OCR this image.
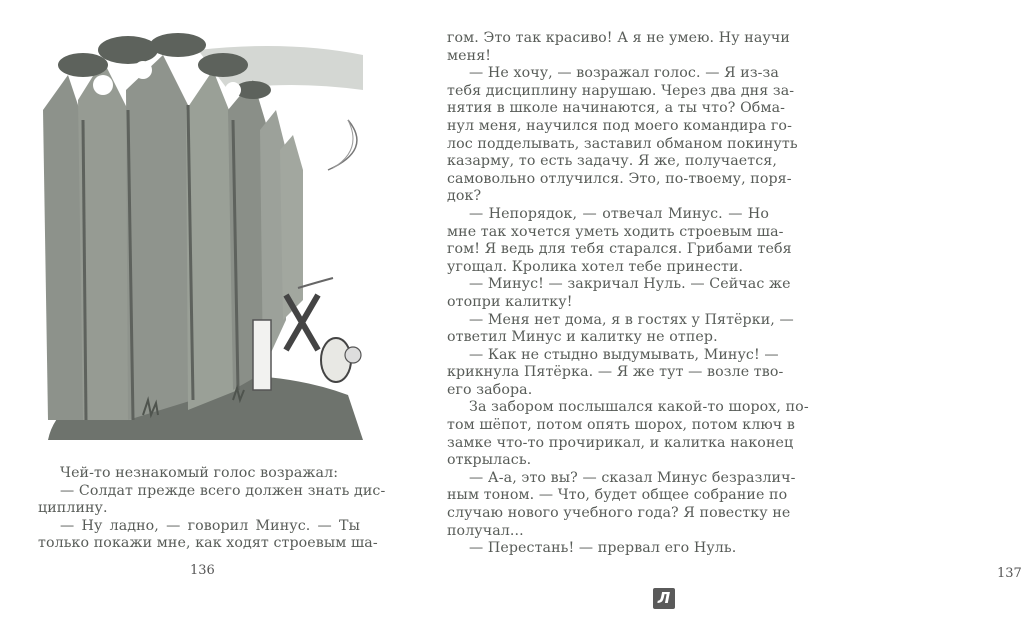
Чей-то незнакомый голос возражал:
— Солдат прежде всего должен знать дис-
циплину.
— Ну ладно, — говорил Минус. — Ты
только покажи мне, как ходят строевым ша-
136
гом. Это так красиво! А я не умею. Ну научи
меня!
— Не хочу, — возражал голос. — Я из-за
тебя дисциплину нарушаю. Через два дня за-
нятия в школе начинаются, а ты что? Обма-
нул меня, научился под моего командира го-
лос подделывать, заставил обманом покинуть
казарму, то есть задачу. Я же, получается,
самовольно отлучился. Это, по-твоему, поря-
док?
— Непорядок, — отвечал Минус. — Но
мне так хочется уметь ходить строевым ша-
гом! Я ведь для тебя старался. Грибами тебя
угощал. Кролика хотел тебе принести.
— Минус! — закричал Нуль. — Сейчас же
отопри калитку!
— Меня нет дома, я в гостях у Пятёрки, —
ответил Минус и калитку не отпер.
— Как не стыдно выдумывать, Минус! —
крикнула Пятёрка. — Я же тут — возле тво-
его забора.
За забором послышался какой-то шорох, по-
том шёпот, потом опять шорох, потом ключ в
замке что-то прочирикал, и калитка наконец
открылась.
— А-а, это вы? — сказал Минус безразлич-
ным тоном. — Что, будет общее собрание по
случаю нового учебного года? Я повестку не
получал...
— Перестань! — прервал его Нуль.
137
Л
